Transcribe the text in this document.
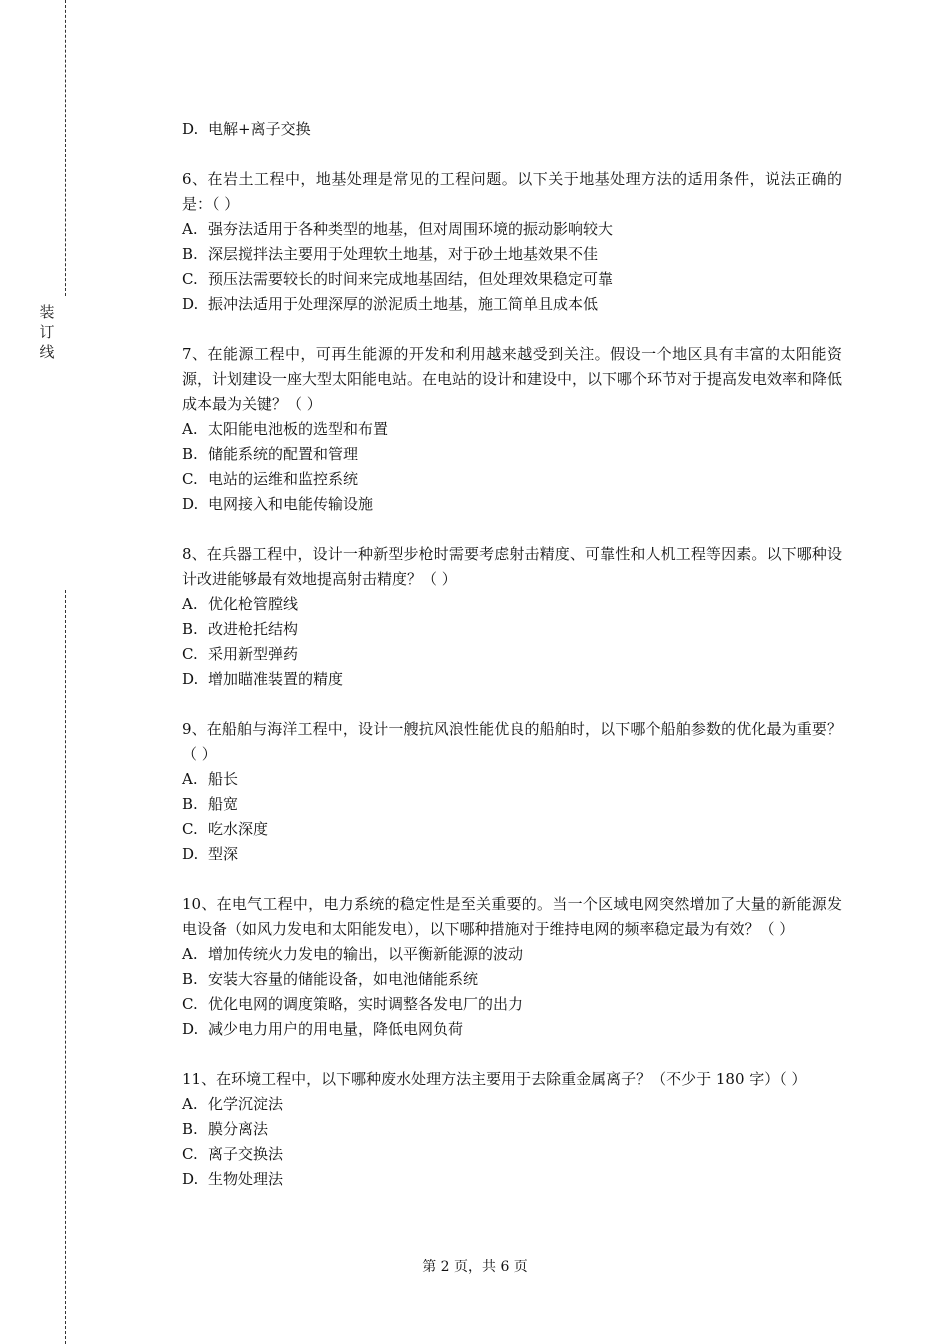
装
订
线
D. 电解+离子交换
6、在岩土工程中，地基处理是常见的工程问题。以下关于地基处理方法的适用条件，说法正确的是：（ ）
A. 强夯法适用于各种类型的地基，但对周围环境的振动影响较大
B. 深层搅拌法主要用于处理软土地基，对于砂土地基效果不佳
C. 预压法需要较长的时间来完成地基固结，但处理效果稳定可靠
D. 振冲法适用于处理深厚的淤泥质土地基，施工简单且成本低
7、在能源工程中，可再生能源的开发和利用越来越受到关注。假设一个地区具有丰富的太阳能资源，计划建设一座大型太阳能电站。在电站的设计和建设中，以下哪个环节对于提高发电效率和降低成本最为关键？（ ）
A. 太阳能电池板的选型和布置
B. 储能系统的配置和管理
C. 电站的运维和监控系统
D. 电网接入和电能传输设施
8、在兵器工程中，设计一种新型步枪时需要考虑射击精度、可靠性和人机工程等因素。以下哪种设计改进能够最有效地提高射击精度？（ ）
A. 优化枪管膛线
B. 改进枪托结构
C. 采用新型弹药
D. 增加瞄准装置的精度
9、在船舶与海洋工程中，设计一艘抗风浪性能优良的船舶时，以下哪个船舶参数的优化最为重要？（ ）
A. 船长
B. 船宽
C. 吃水深度
D. 型深
10、在电气工程中，电力系统的稳定性是至关重要的。当一个区域电网突然增加了大量的新能源发电设备（如风力发电和太阳能发电），以下哪种措施对于维持电网的频率稳定最为有效？（ ）
A. 增加传统火力发电的输出，以平衡新能源的波动
B. 安装大容量的储能设备，如电池储能系统
C. 优化电网的调度策略，实时调整各发电厂的出力
D. 减少电力用户的用电量，降低电网负荷
11、在环境工程中，以下哪种废水处理方法主要用于去除重金属离子？（不少于 180 字）（ ）
A. 化学沉淀法
B. 膜分离法
C. 离子交换法
D. 生物处理法
第 2 页，共 6 页
